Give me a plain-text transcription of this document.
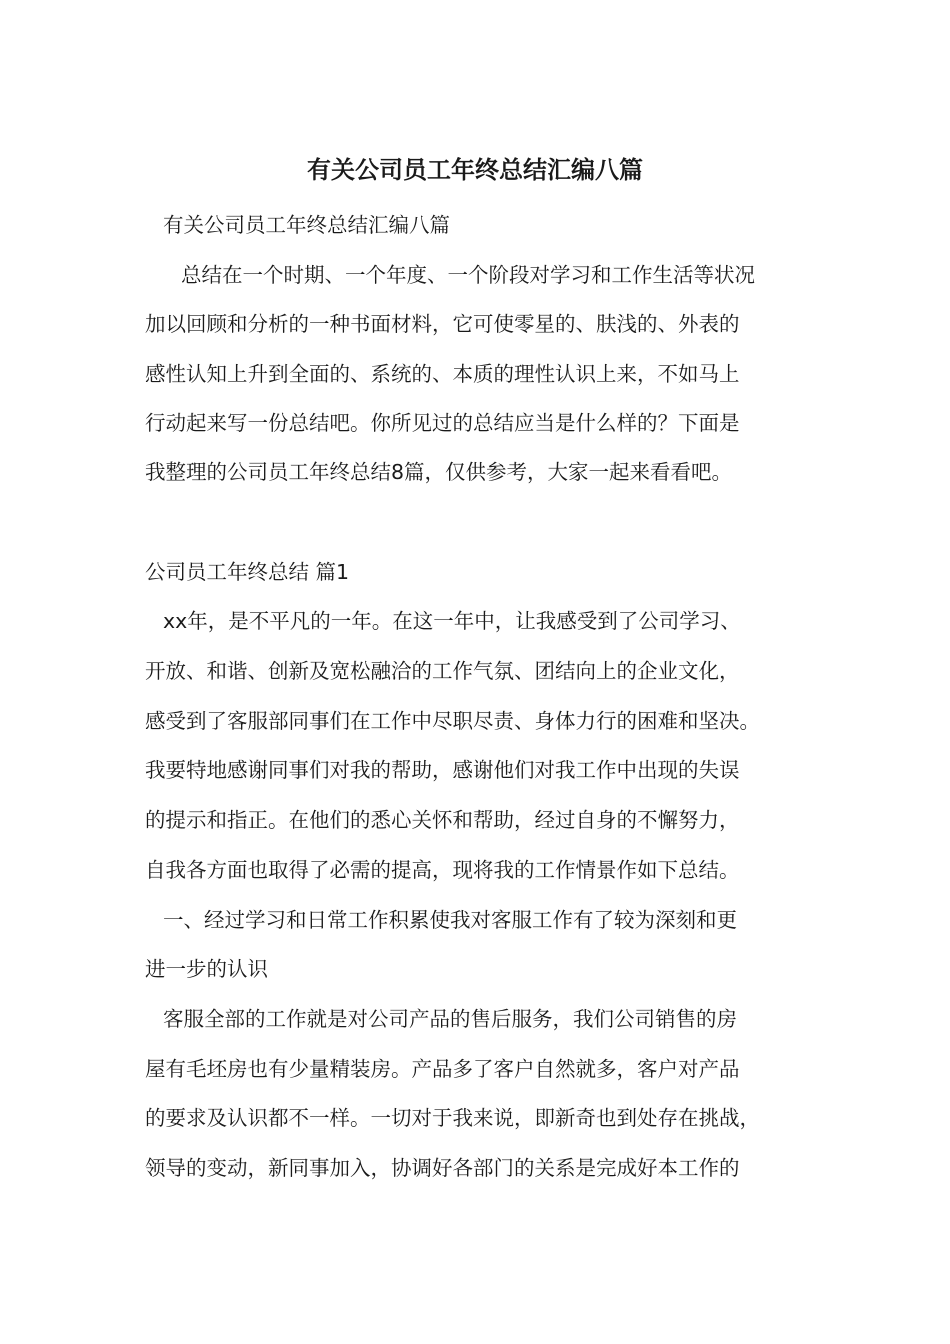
有关公司员工年终总结汇编八篇
有关公司员工年终总结汇编八篇
总结在一个时期、一个年度、一个阶段对学习和工作生活等状况
加以回顾和分析的一种书面材料，它可使零星的、肤浅的、外表的
感性认知上升到全面的、系统的、本质的理性认识上来，不如马上
行动起来写一份总结吧。你所见过的总结应当是什么样的？下面是
我整理的公司员工年终总结8篇，仅供参考，大家一起来看看吧。
公司员工年终总结 篇1
xx年，是不平凡的一年。在这一年中，让我感受到了公司学习、
开放、和谐、创新及宽松融洽的工作气氛、团结向上的企业文化，
感受到了客服部同事们在工作中尽职尽责、身体力行的困难和坚决。
我要特地感谢同事们对我的帮助，感谢他们对我工作中出现的失误
的提示和指正。在他们的悉心关怀和帮助，经过自身的不懈努力，
自我各方面也取得了必需的提高，现将我的工作情景作如下总结。
一、经过学习和日常工作积累使我对客服工作有了较为深刻和更
进一步的认识
客服全部的工作就是对公司产品的售后服务，我们公司销售的房
屋有毛坯房也有少量精装房。产品多了客户自然就多，客户对产品
的要求及认识都不一样。一切对于我来说，即新奇也到处存在挑战，
领导的变动，新同事加入，协调好各部门的关系是完成好本工作的
